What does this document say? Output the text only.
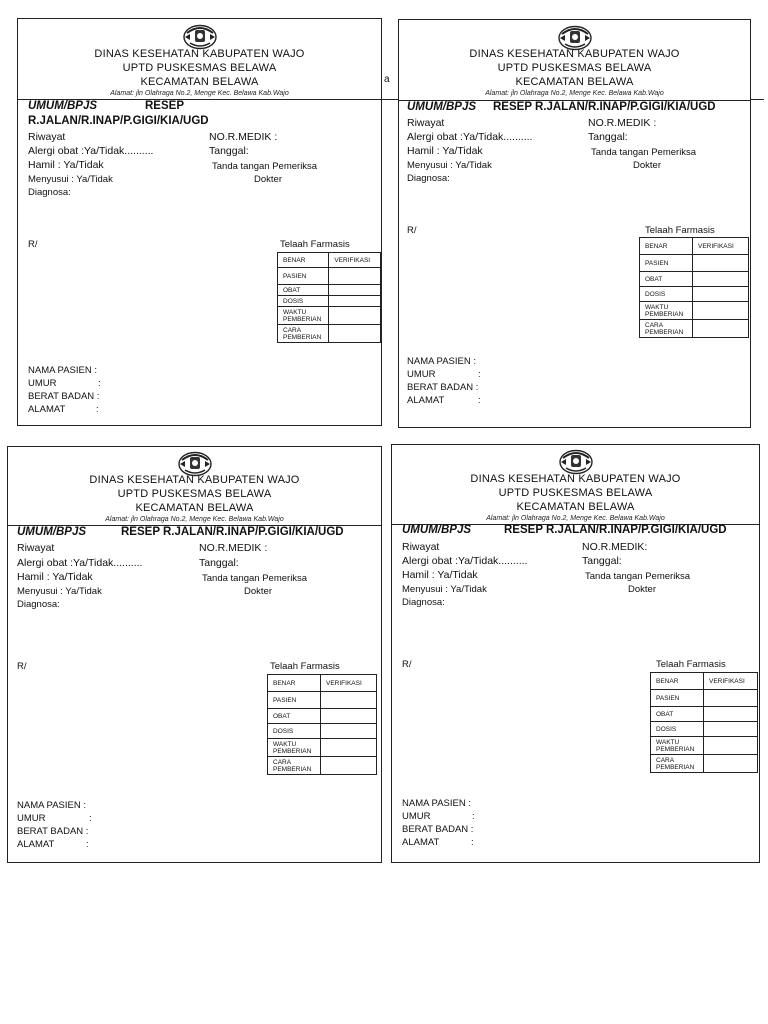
DINAS KESEHATAN KABUPATEN WAJO
UPTD PUSKESMAS BELAWA
KECAMATAN BELAWA
Alamat: jln Olahraga No.2, Menge Kec. Belawa Kab.Wajo
UMUM/BPJS	RESEP
R.JALAN/R.INAP/P.GIGI/KIA/UGD
Riwayat	NO.R.MEDIK :
Alergi obat :Ya/Tidak..........	Tanggal:
Hamil : Ya/Tidak	Tanda tangan Pemeriksa
Menyusui : Ya/Tidak	Dokter
Diagnosa:
R/	Telaah Farmasis
BENAR	VERIFIKASI
PASIEN	
OBAT	
DOSIS	
WAKTU PEMBERIAN	
CARA PEMBERIAN	
NAMA PASIEN :
UMUR	:
BERAT BADAN :
ALAMAT	:
a
DINAS KESEHATAN KABUPATEN WAJO
UPTD PUSKESMAS BELAWA
KECAMATAN BELAWA
Alamat: jln Olahraga No.2, Menge Kec. Belawa Kab.Wajo
UMUM/BPJS RESEP R.JALAN/R.INAP/P.GIGI/KIA/UGD
Riwayat	NO.R.MEDIK :
Alergi obat :Ya/Tidak..........	Tanggal:
Hamil : Ya/Tidak	Tanda tangan Pemeriksa
Menyusui : Ya/Tidak	Dokter
Diagnosa:
R/	Telaah Farmasis
BENAR	VERIFIKASI
PASIEN	
OBAT	
DOSIS	
WAKTU PEMBERIAN	
CARA PEMBERIAN	
NAMA PASIEN :
UMUR	:
BERAT BADAN :
ALAMAT	:
DINAS KESEHATAN KABUPATEN WAJO
UPTD PUSKESMAS BELAWA
KECAMATAN BELAWA
Alamat: jln Olahraga No.2, Menge Kec. Belawa Kab.Wajo
UMUM/BPJS	RESEP R.JALAN/R.INAP/P.GIGI/KIA/UGD
Riwayat	NO.R.MEDIK :
Alergi obat :Ya/Tidak..........	Tanggal:
Hamil : Ya/Tidak	Tanda tangan Pemeriksa
Menyusui : Ya/Tidak	Dokter
Diagnosa:
R/	Telaah Farmasis
BENAR	VERIFIKASI
PASIEN	
OBAT	
DOSIS	
WAKTU PEMBERIAN	
CARA PEMBERIAN	
NAMA PASIEN :
UMUR	:
BERAT BADAN :
ALAMAT	:
DINAS KESEHATAN KABUPATEN WAJO
UPTD PUSKESMAS BELAWA
KECAMATAN BELAWA
Alamat: jln Olahraga No.2, Menge Kec. Belawa Kab.Wajo
UMUM/BPJS	RESEP R.JALAN/R.INAP/P.GIGI/KIA/UGD
Riwayat	NO.R.MEDIK:
Alergi obat :Ya/Tidak..........	Tanggal:
Hamil : Ya/Tidak	Tanda tangan Pemeriksa
Menyusui : Ya/Tidak	Dokter
Diagnosa:
R/	Telaah Farmasis
BENAR	VERIFIKASI
PASIEN	
OBAT	
DOSIS	
WAKTU PEMBERIAN	
CARA PEMBERIAN	
NAMA PASIEN :
UMUR	:
BERAT BADAN :
ALAMAT	:
